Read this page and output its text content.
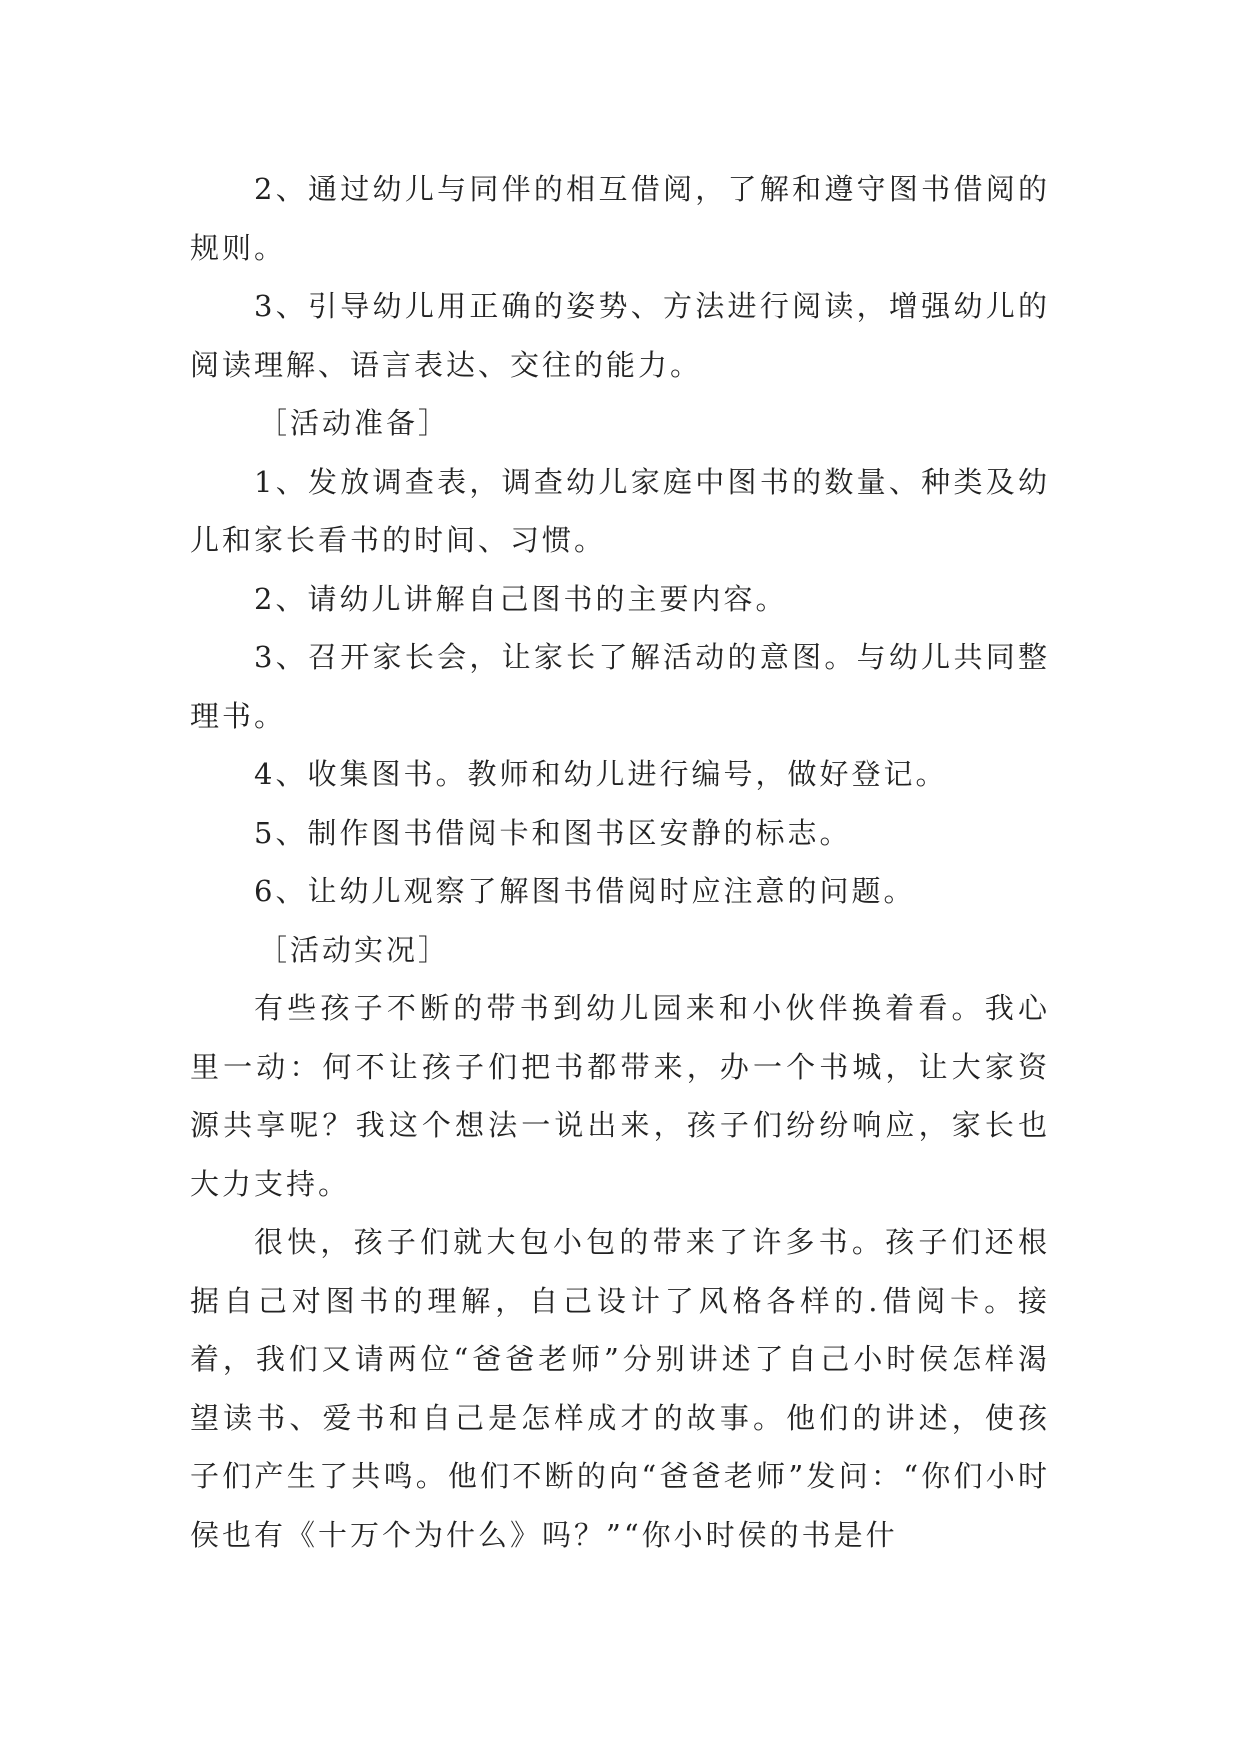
2、通过幼儿与同伴的相互借阅，了解和遵守图书借阅的规则。

3、引导幼儿用正确的姿势、方法进行阅读，增强幼儿的阅读理解、语言表达、交往的能力。

［活动准备］

1、发放调查表，调查幼儿家庭中图书的数量、种类及幼儿和家长看书的时间、习惯。

2、请幼儿讲解自己图书的主要内容。

3、召开家长会，让家长了解活动的意图。与幼儿共同整理书。

4、收集图书。教师和幼儿进行编号，做好登记。

5、制作图书借阅卡和图书区安静的标志。

6、让幼儿观察了解图书借阅时应注意的问题。

［活动实况］

有些孩子不断的带书到幼儿园来和小伙伴换着看。我心里一动：何不让孩子们把书都带来，办一个书城，让大家资源共享呢？我这个想法一说出来，孩子们纷纷响应，家长也大力支持。

很快，孩子们就大包小包的带来了许多书。孩子们还根据自己对图书的理解，自己设计了风格各样的.借阅卡。接着，我们又请两位“爸爸老师”分别讲述了自己小时侯怎样渴望读书、爱书和自己是怎样成才的故事。他们的讲述，使孩子们产生了共鸣。他们不断的向“爸爸老师”发问：“你们小时侯也有《十万个为什么》吗？”“你小时侯的书是什
